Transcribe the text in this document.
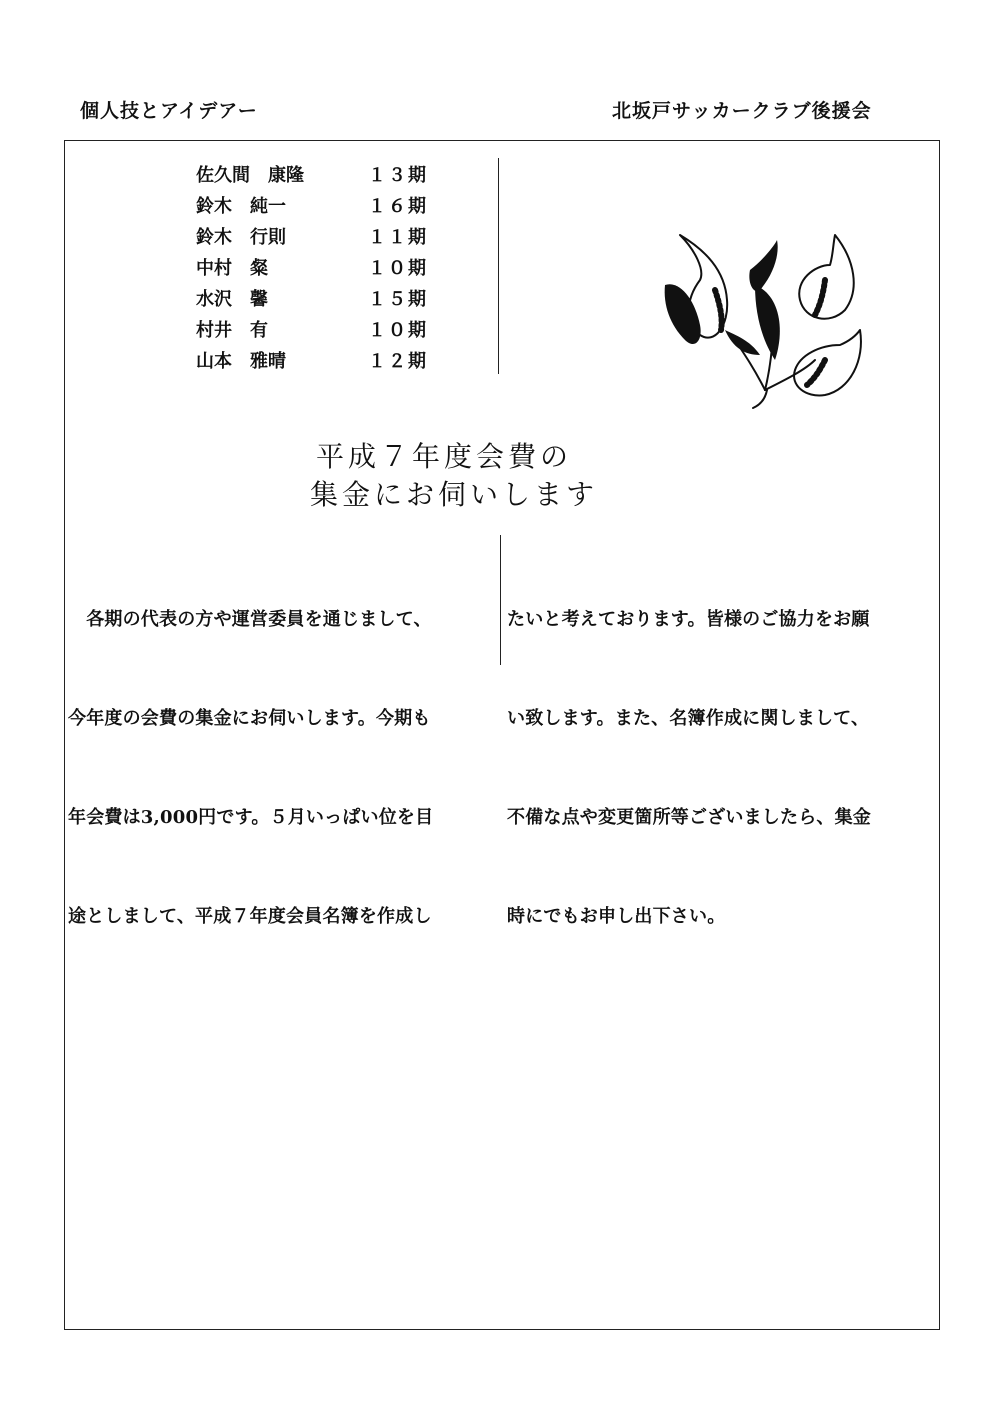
個人技とアイデアー	北坂戸サッカークラブ後援会
佐久間　康隆	１３期
鈴木　純一	１６期
鈴木　行則	１１期
中村　粲	１０期
水沢　馨	１５期
村井　有	１０期
山本　雅晴	１２期
平成７年度会費の
集金にお伺いします

　各期の代表の方や運営委員を通じまして、

今年度の会費の集金にお伺いします。今期も

年会費は3,000円です。５月いっぱい位を目

途としまして、平成７年度会員名簿を作成し

たいと考えております。皆様のご協力をお願

い致します。また、名簿作成に関しまして、

不備な点や変更箇所等ございましたら、集金

時にでもお申し出下さい。
